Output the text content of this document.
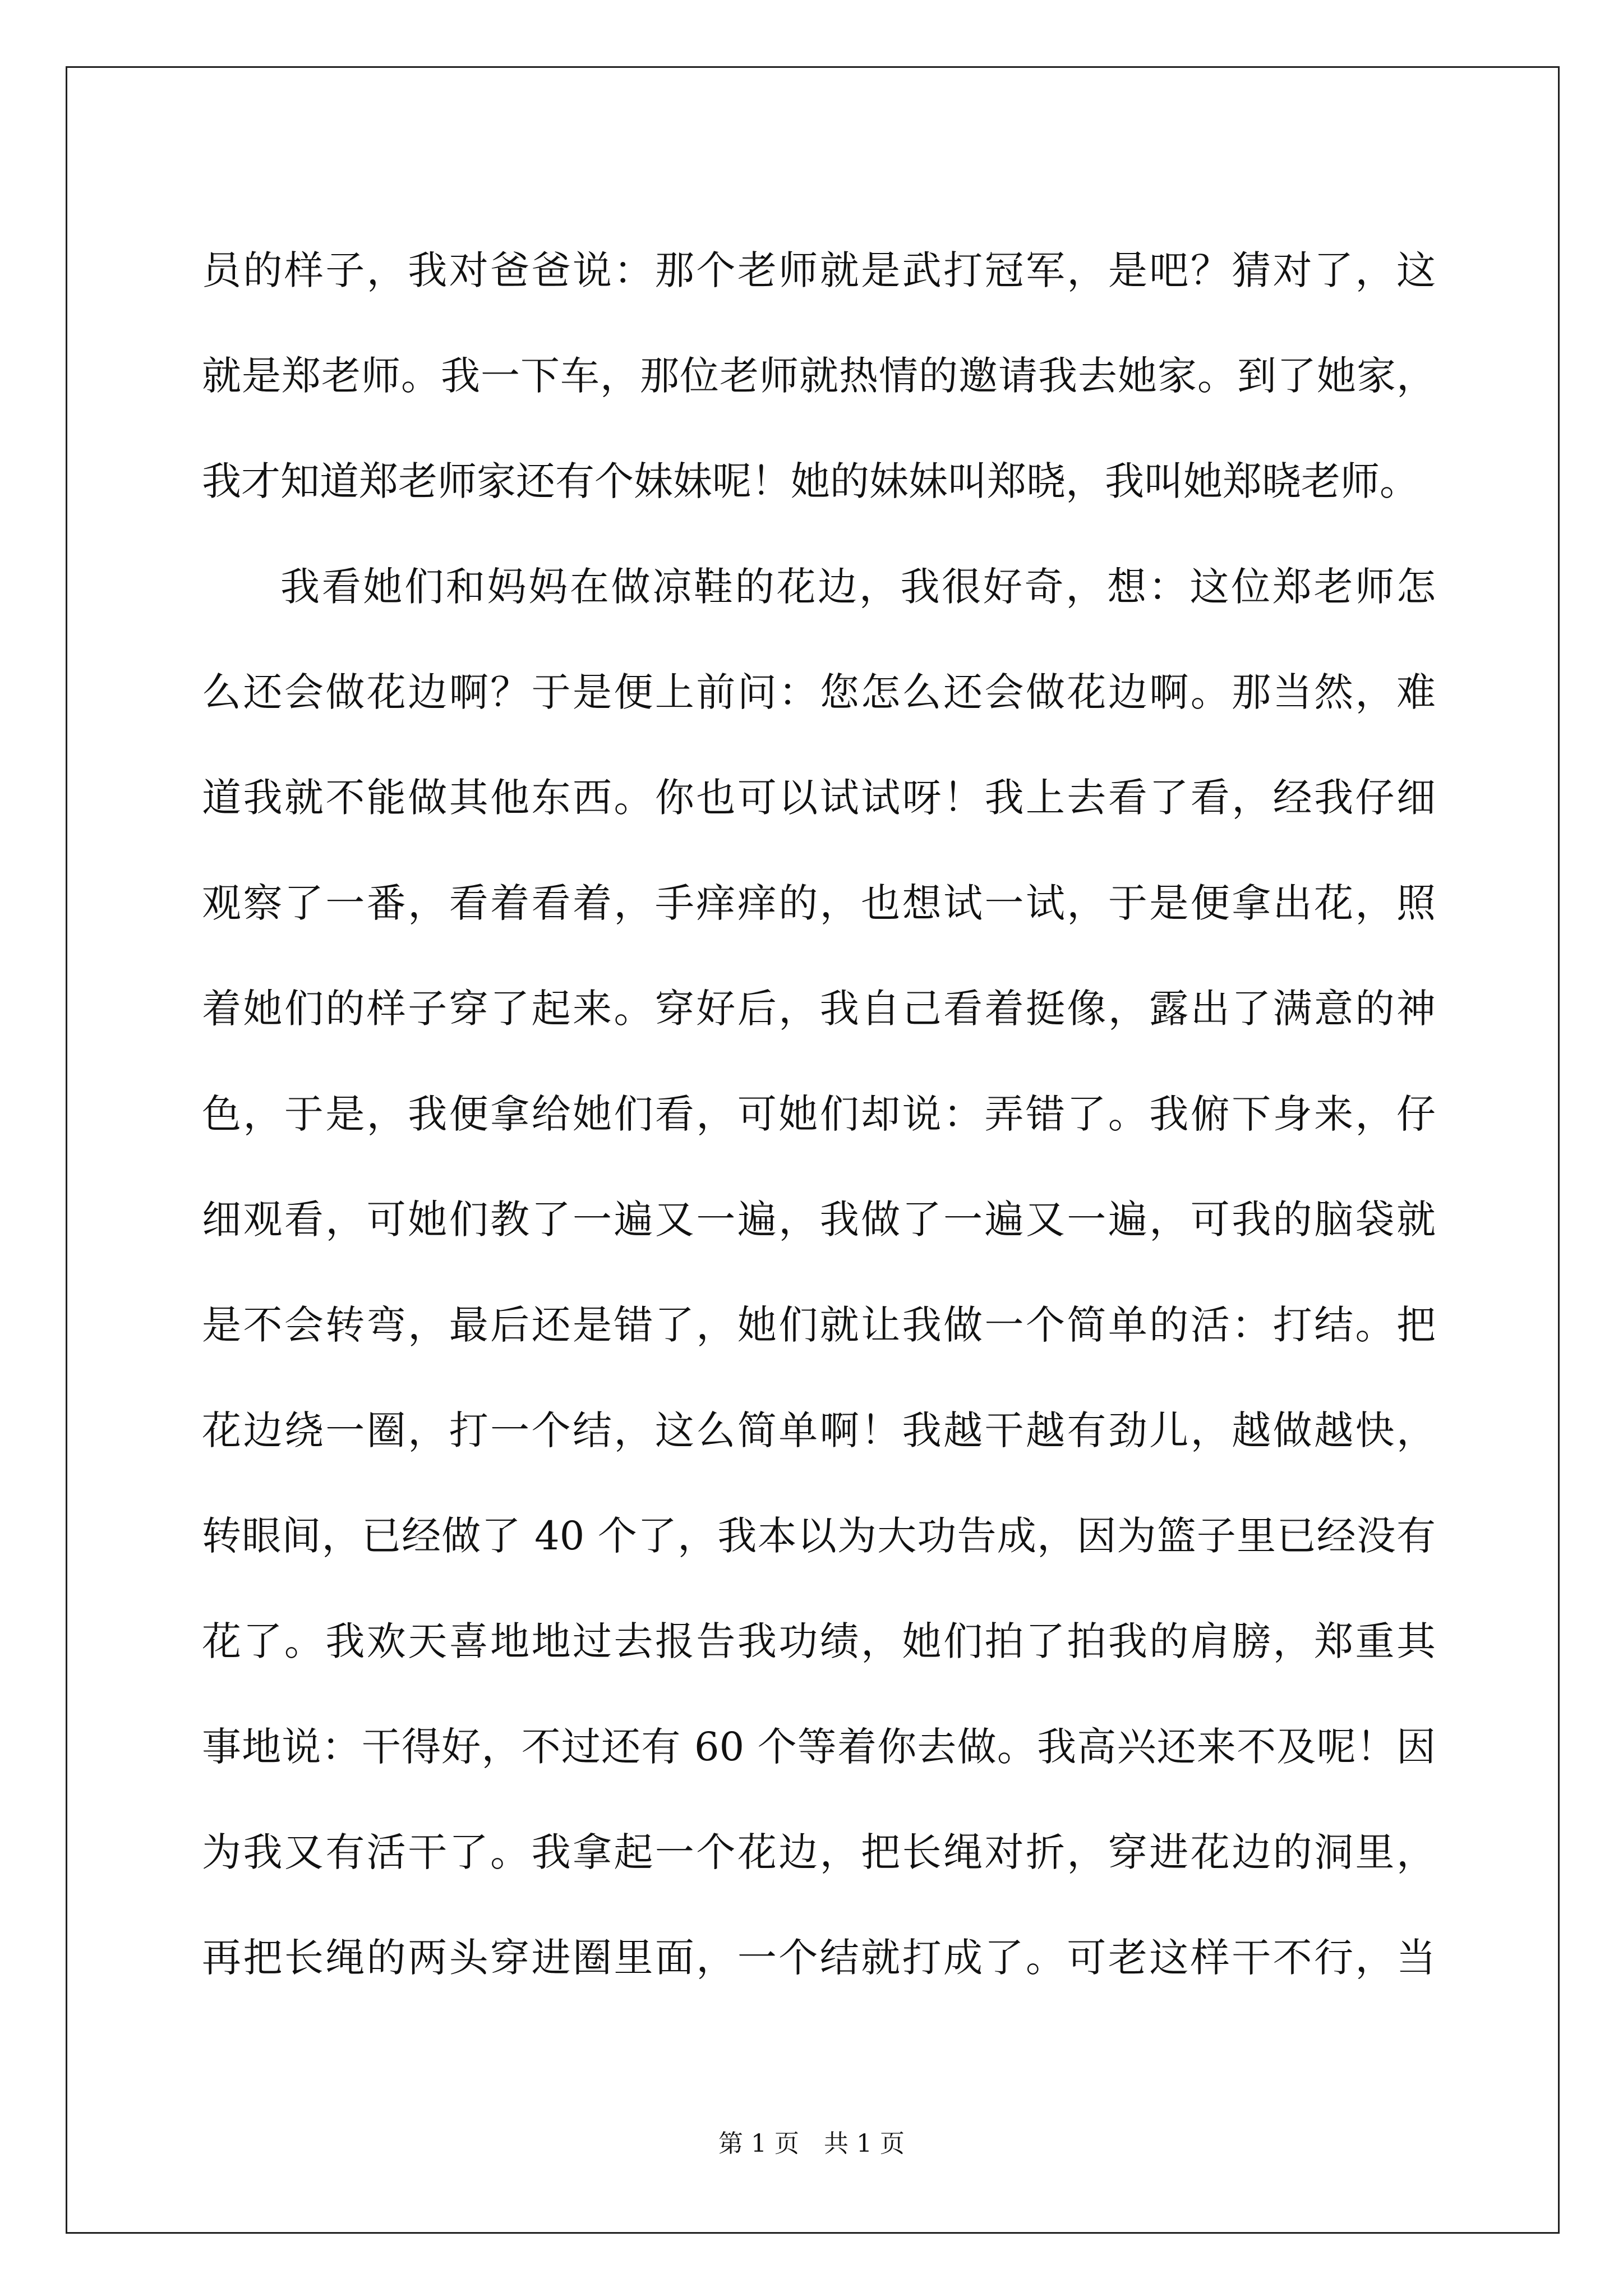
员的样子，我对爸爸说：那个老师就是武打冠军，是吧？猜对了，这
就是郑老师。我一下车，那位老师就热情的邀请我去她家。到了她家，
我才知道郑老师家还有个妹妹呢！她的妹妹叫郑晓，我叫她郑晓老师。
我看她们和妈妈在做凉鞋的花边，我很好奇，想：这位郑老师怎
么还会做花边啊？于是便上前问：您怎么还会做花边啊。那当然，难
道我就不能做其他东西。你也可以试试呀！我上去看了看，经我仔细
观察了一番，看着看着，手痒痒的，也想试一试，于是便拿出花，照
着她们的样子穿了起来。穿好后，我自己看着挺像，露出了满意的神
色，于是，我便拿给她们看，可她们却说：弄错了。我俯下身来，仔
细观看，可她们教了一遍又一遍，我做了一遍又一遍，可我的脑袋就
是不会转弯，最后还是错了，她们就让我做一个简单的活：打结。把
花边绕一圈，打一个结，这么简单啊！我越干越有劲儿，越做越快，
转眼间，已经做了 40 个了，我本以为大功告成，因为篮子里已经没有
花了。我欢天喜地地过去报告我功绩，她们拍了拍我的肩膀，郑重其
事地说：干得好，不过还有 60 个等着你去做。我高兴还来不及呢！因
为我又有活干了。我拿起一个花边，把长绳对折，穿进花边的洞里，
再把长绳的两头穿进圈里面，一个结就打成了。可老这样干不行，当
第 1 页 共 1 页
